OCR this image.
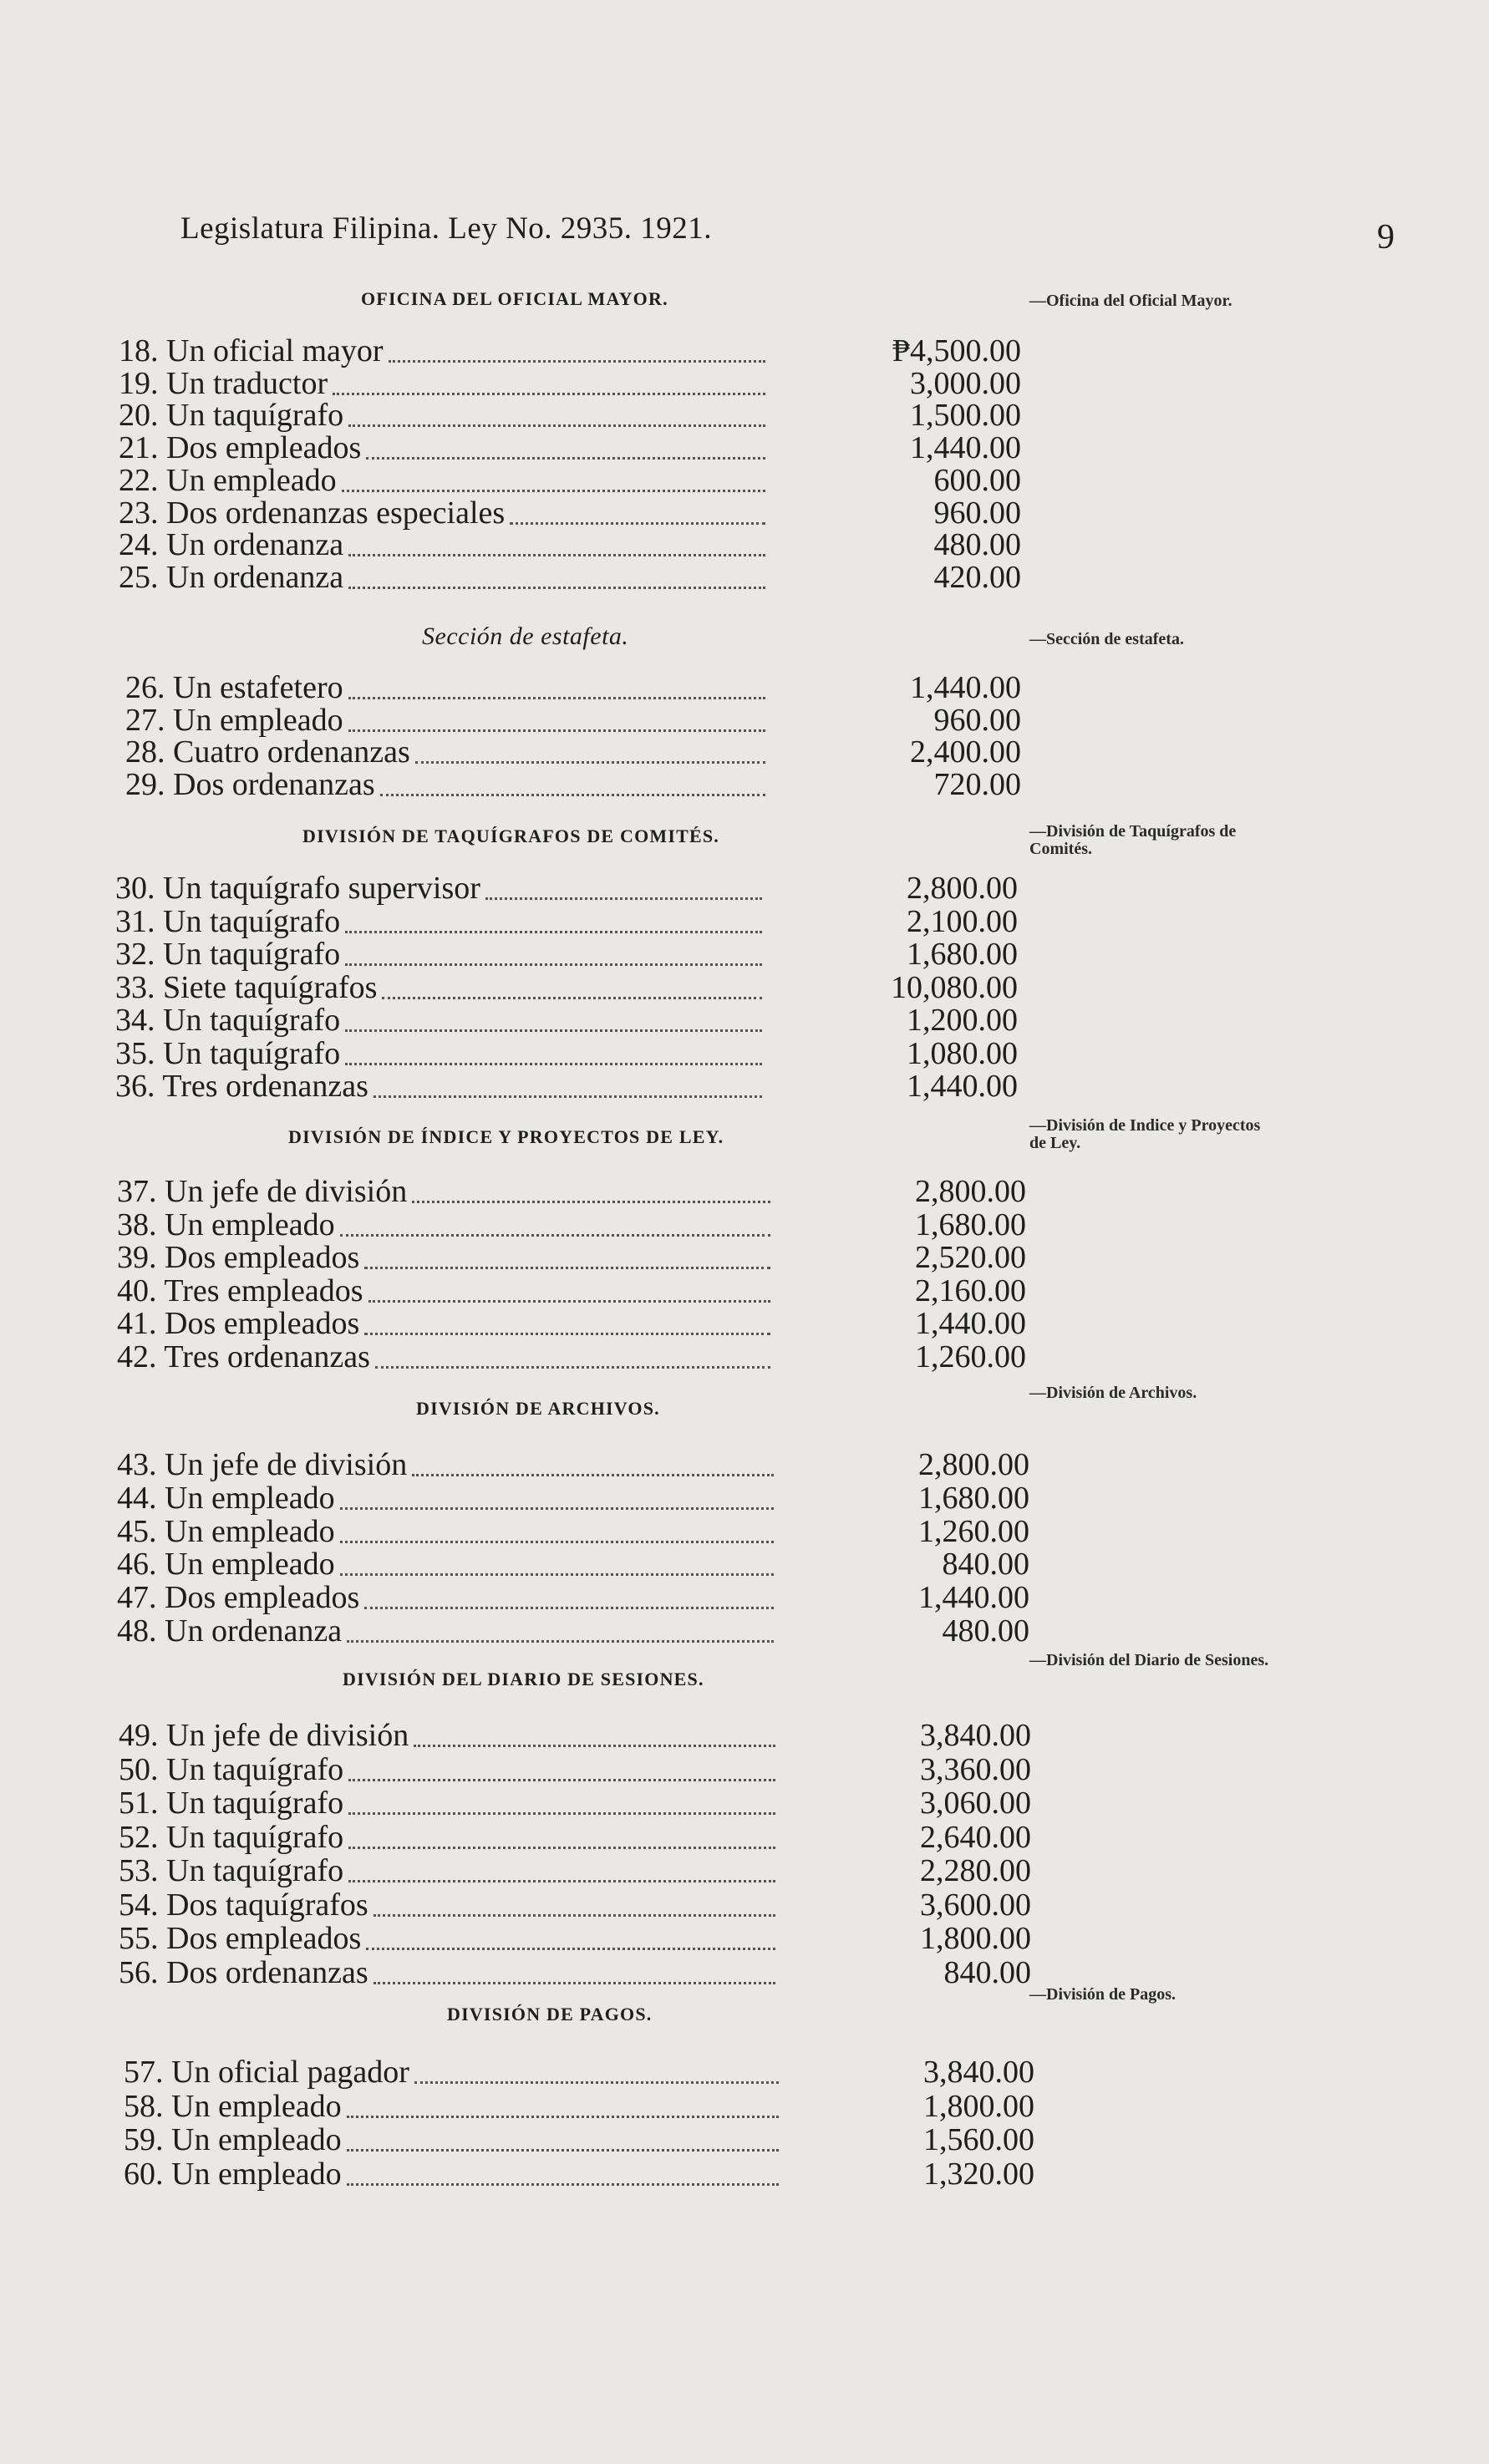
Legislatura Filipina. Ley No. 2935. 1921.	9
OFICINA DEL OFICIAL MAYOR.	—Oficina del Oficial Mayor.
18. Un oficial mayor	₱4,500.00
19. Un traductor	3,000.00
20. Un taquígrafo	1,500.00
21. Dos empleados	1,440.00
22. Un empleado	600.00
23. Dos ordenanzas especiales	960.00
24. Un ordenanza	480.00
25. Un ordenanza	420.00
Sección de estafeta.	—Sección de estafeta.
26. Un estafetero	1,440.00
27. Un empleado	960.00
28. Cuatro ordenanzas	2,400.00
29. Dos ordenanzas	720.00
DIVISIÓN DE TAQUÍGRAFOS DE COMITÉS.	—División de Taquígrafos de Comités.
30. Un taquígrafo supervisor	2,800.00
31. Un taquígrafo	2,100.00
32. Un taquígrafo	1,680.00
33. Siete taquígrafos	10,080.00
34. Un taquígrafo	1,200.00
35. Un taquígrafo	1,080.00
36. Tres ordenanzas	1,440.00
DIVISIÓN DE ÍNDICE Y PROYECTOS DE LEY.
—División de Indice y Proyectos de Ley.
37. Un jefe de división	2,800.00
38. Un empleado	1,680.00
39. Dos empleados	2,520.00
40. Tres empleados	2,160.00
41. Dos empleados	1,440.00
42. Tres ordenanzas	1,260.00
DIVISIÓN DE ARCHIVOS.
—División de Archivos.
43. Un jefe de división	2,800.00
44. Un empleado	1,680.00
45. Un empleado	1,260.00
46. Un empleado	840.00
47. Dos empleados	1,440.00
48. Un ordenanza	480.00
DIVISIÓN DEL DIARIO DE SESIONES.
—División del Diario de Sesiones.
49. Un jefe de división	3,840.00
50. Un taquígrafo	3,360.00
51. Un taquígrafo	3,060.00
52. Un taquígrafo	2,640.00
53. Un taquígrafo	2,280.00
54. Dos taquígrafos	3,600.00
55. Dos empleados	1,800.00
56. Dos ordenanzas	840.00
DIVISIÓN DE PAGOS.
—División de Pagos.
57. Un oficial pagador	3,840.00
58. Un empleado	1,800.00
59. Un empleado	1,560.00
60. Un empleado	1,320.00
